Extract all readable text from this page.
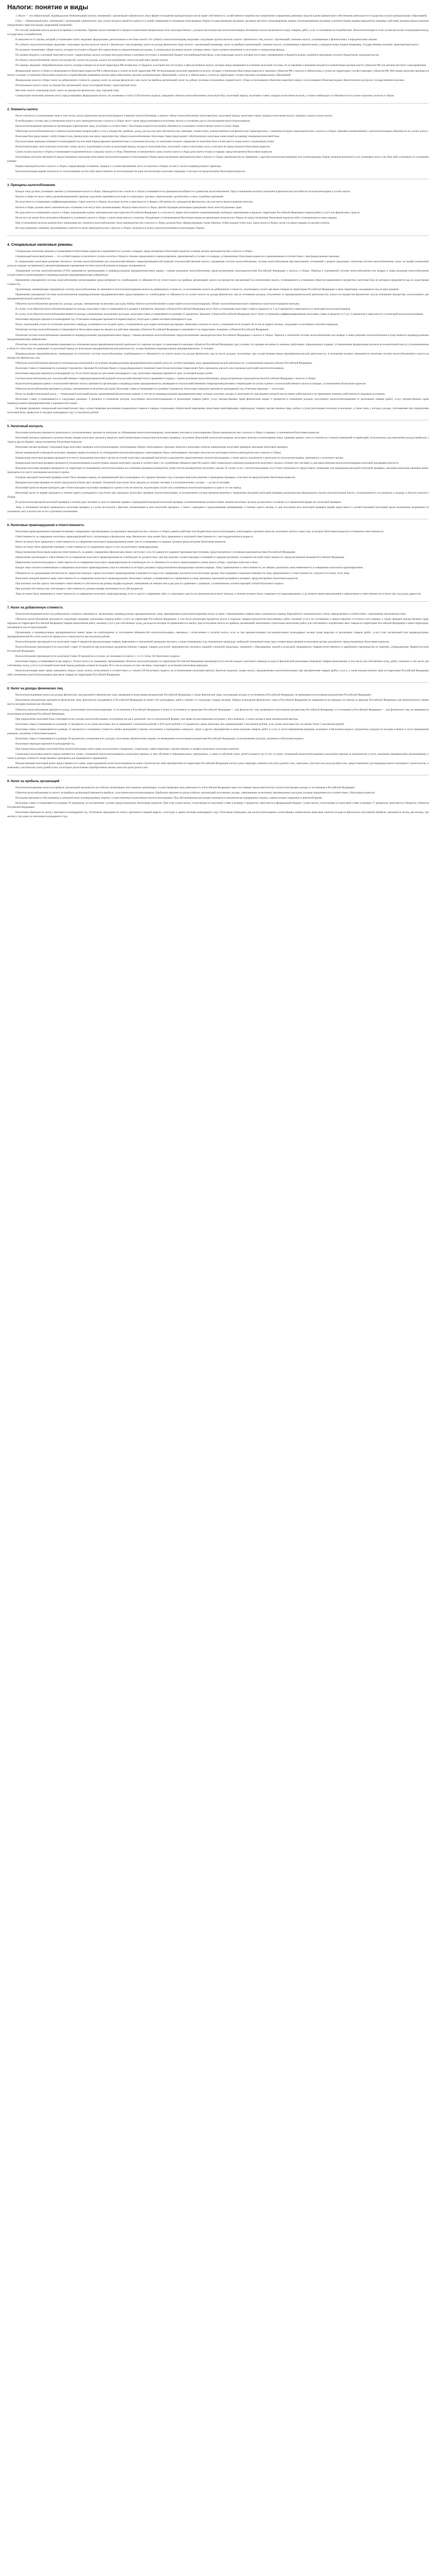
Налоги: понятие и виды

1. Налог — это обязательный, индивидуально безвозмездный платеж, взимаемый с организаций и физических лиц в форме отчуждения принадлежащих им на праве собственности, хозяйственного ведения или оперативного управления денежных средств в целях финансового обеспечения деятельности государства и (или) муниципальных образований.

Сбор — обязательный взнос, взимаемый с организаций и физических лиц, уплата которого является одним из условий совершения в отношении плательщиков сборов государственными органами, органами местного самоуправления, иными уполномоченными органами и должностными лицами юридически значимых действий, включая предоставление определенных прав или выдачу разрешений (лицензий).

По способу взимания налоги делятся на прямые и косвенные. Прямые налоги взимаются в процессе накопления материальных благ непосредственно с доходов или имущества налогоплательщика. Косвенные налоги включаются в цену товаров, работ, услуг и оплачиваются потребителем. Налогоплательщик в этом случае выступает посредником между государством и потребителем.

В зависимости от органа, который устанавливает налог, выделяют федеральные, региональные и местные налоги. По субъекту-налогоплательщику выделяют следующие группы налогов: налоги с физических лиц, налоги с организаций, смежные налоги, уплачиваемые и физическими, и юридическими лицами.

По субъекту-налогоплательщику выделяют следующие группы налогов: налоги с физических лиц (например, налог на доходы физических лиц); налоги с организаций (например, налог на прибыль организаций); смежные налоги, уплачиваемые и физическими, и юридическими лицами (например, государственная пошлина, транспортный налог).

По целевому назначению: общие налоги, которые поступают в бюджет без закрепления за определенными расходами, и специальные (целевые) налоги, которые имеют строго целевое назначение и поступают в специальные фонды.

По уровню бюджета, в который зачисляется налог: закрепленные налоги, которые непосредственно и целиком поступают в конкретный бюджет или внебюджетный фонд, и регулирующие налоги, которые поступают одновременно в бюджеты разных уровней в пропорции согласно бюджетному законодательству.

По объекту налогообложения: налоги на имущество, налоги на доходы, налоги на потребление, налоги на действия, прочие налоги.

По порядку введения: общеобязательные налоги, которые взимаются на всей территории РФ независимо от бюджета, в который они поступают, и факультативные налоги, которые предусматриваются основами налоговой системы, но их введение и взимание находятся в компетенции органов власти субъектов РФ или органов местного самоуправления.

Федеральные налоги и сборы устанавливаются Налоговым кодексом РФ и обязательны к уплате на всей территории РФ. Региональными налогами признаются налоги, которые установлены Налоговым кодексом и законами субъектов РФ о налогах и обязательны к уплате на территориях соответствующих субъектов РФ. Местными налогами признаются налоги, которые установлены Налоговым кодексом и нормативными правовыми актами представительных органов муниципальных образований о налогах и обязательны к уплате на территориях соответствующих муниципальных образований.

Федеральные налоги и сборы: налог на добавленную стоимость; акцизы; налог на доходы физических лиц; налог на прибыль организаций; налог на добычу полезных ископаемых; водный налог; сборы за пользование объектами животного мира и за пользование объектами водных биологических ресурсов; государственная пошлина.

Региональные налоги: налог на имущество организаций; налог на игорный бизнес; транспортный налог.

Местные налоги: земельный налог; налог на имущество физических лиц; торговый сбор.

Специальные налоговые режимы могут предусматривать федеральные налоги, не указанные в статье 13 Налогового кодекса, определять объекты налогообложения, налоговую базу, налоговый период, налоговые ставки, порядок исчисления налогов, а также освобождать от обязанности по уплате отдельных налогов и сборов.

2. Элементы налога

Налог считается установленным лишь в том случае, когда определены налогоплательщики и элементы налогообложения, а именно: объект налогообложения; налоговая база; налоговый период; налоговая ставка; порядок исчисления налога; порядок и сроки уплаты налога.

В необходимых случаях при установлении налога в акте законодательства о налогах и сборах могут также предусматриваться налоговые льготы и основания для их использования налогоплательщиком.

Налогоплательщиками признаются организации и физические лица, на которых в соответствии с Налоговым кодексом возложена обязанность уплачивать соответственно налоги и (или) сборы.

Объектами налогообложения могут являться реализация товаров (работ, услуг), имущество, прибыль, доход, расход или иное обстоятельство, имеющее стоимостную, количественную или физическую характеристику, с наличием которого законодательство о налогах и сборах связывает возникновение у налогоплательщика обязанности по уплате налога.

Налоговая база представляет собой стоимостную, физическую или иную характеристику объекта налогообложения. Налоговая ставка представляет собой величину налоговых начислений на единицу измерения налоговой базы.

Под налоговым периодом понимается календарный год или иной период времени применительно к отдельным налогам, по окончании которого определяется налоговая база и исчисляется сумма налога, подлежащая уплате.

Налогоплательщик самостоятельно исчисляет сумму налога, подлежащую уплате за налоговый период, исходя из налоговой базы, налоговой ставки и налоговых льгот, если иное не предусмотрено Налоговым кодексом.

Сроки уплаты налогов и сборов устанавливаются применительно к каждому налогу и сбору. Изменение установленного срока уплаты налога и сбора допускается только в порядке, предусмотренном Налоговым кодексом.

Налоговыми льготами признаются предоставляемые отдельным категориям налогоплательщиков и плательщиков сборов предусмотренные законодательством о налогах и сборах преимущества по сравнению с другими налогоплательщиками или плательщиками сборов, включая возможность не уплачивать налог или сбор либо уплачивать их в меньшем размере.

Нормы законодательства о налогах и сборах, определяющие основания, порядок и условия применения льгот по налогам и сборам, не могут носить индивидуального характера.

Налогоплательщик вправе отказаться от использования льготы либо приостановить ее использование на один или несколько налоговых периодов, если иное не предусмотрено Налоговым кодексом.

3. Принципы налогообложения

Каждое лицо должно уплачивать законно установленные налоги и сборы. Законодательство о налогах и сборах основывается на признании всеобщности и равенства налогообложения. При установлении налогов учитывается фактическая способность налогоплательщика к уплате налога.

Налоги и сборы не могут иметь дискриминационный характер и различно применяться исходя из социальных, расовых, национальных, религиозных и иных подобных критериев.

Не допускается устанавливать дифференцированные ставки налогов и сборов, налоговые льготы в зависимости от формы собственности, гражданства физических лиц или места происхождения капитала.

Налоги и сборы должны иметь экономическое основание и не могут быть произвольными. Недопустимы налоги и сборы, препятствующие реализации гражданами своих конституционных прав.

Не допускается устанавливать налоги и сборы, нарушающие единое экономическое пространство Российской Федерации и, в частности, прямо или косвенно ограничивающие свободное перемещение в пределах территории Российской Федерации товаров (работ, услуг) или финансовых средств.

Ни на кого не может быть возложена обязанность уплачивать налоги и сборы, а также иные взносы и платежи, обладающие установленными Налоговым кодексом признаками налогов или сборов, не предусмотренные Налоговым кодексом либо установленные в ином порядке.

При установлении налогов должны быть определены все элементы налогообложения. Акты законодательства о налогах и сборах должны быть сформулированы таким образом, чтобы каждый точно знал, какие налоги (сборы), когда и в каком порядке он должен платить.

Все неустранимые сомнения, противоречия и неясности актов законодательства о налогах и сборах толкуются в пользу налогоплательщика (плательщика сборов).

4. Специальные налоговые режимы

Специальные налоговые режимы устанавливаются Налоговым кодексом и применяются в случаях и порядке, предусмотренных Налоговым кодексом и иными актами законодательства о налогах и сборах.

Специальный налоговый режим — это особый порядок исчисления и уплаты налогов и сборов в течение определенного периода времени, применяемый в случаях и в порядке, установленных Налоговым кодексом и принимаемыми в соответствии с ним федеральными законами.

К специальным налоговым режимам относятся: система налогообложения для сельскохозяйственных товаропроизводителей (единый сельскохозяйственный налог); упрощенная система налогообложения; система налогообложения при выполнении соглашений о разделе продукции; патентная система налогообложения; налог на профессиональный доход (в порядке эксперимента); автоматизированная упрощенная система налогообложения (в порядке эксперимента).

Упрощенная система налогообложения (УСН) применяется организациями и индивидуальными предпринимателями наряду с иными режимами налогообложения, предусмотренными законодательством Российской Федерации о налогах и сборах. Переход к упрощенной системе налогообложения или возврат к иным режимам налогообложения осуществляется организациями и индивидуальными предпринимателями добровольно.

Применение упрощенной системы налогообложения организациями предусматривает их освобождение от обязанности по уплате налога на прибыль организаций, налога на имущество организаций (за исключением налога, уплачиваемого в отношении объектов недвижимого имущества, налоговая база по которым определяется как их кадастровая стоимость).

Организации, применяющие упрощенную систему налогообложения, не признаются налогоплательщиками налога на добавленную стоимость, за исключением налога на добавленную стоимость, подлежащего уплате при ввозе товаров на территорию Российской Федерации и иные территории, находящиеся под ее юрисдикцией.

Применение упрощенной системы налогообложения индивидуальными предпринимателями предусматривает их освобождение от обязанности по уплате налога на доходы физических лиц (в отношении доходов, полученных от предпринимательской деятельности), налога на имущество физических лиц (в отношении имущества, используемого для предпринимательской деятельности).

Объектом налогообложения признаются: доходы; доходы, уменьшенные на величину расходов. Выбор объекта налогообложения осуществляется налогоплательщиком. Объект налогообложения может изменяться налогоплательщиком ежегодно.

В случае, если объектом налогообложения являются доходы, налоговая ставка устанавливается в размере 6 процентов. Законами субъектов Российской Федерации могут быть установлены налоговые ставки в пределах от 1 до 6 процентов в зависимости от категорий налогоплательщиков.

В случае, если объектом налогообложения являются доходы, уменьшенные на величину расходов, налоговая ставка устанавливается в размере 15 процентов. Законами субъектов Российской Федерации могут быть установлены дифференцированные налоговые ставки в пределах от 5 до 15 процентов в зависимости от категорий налогоплательщиков.

Налоговым периодом признается календарный год. Отчетными периодами признаются первый квартал, полугодие и девять месяцев календарного года.

Налог, подлежащий уплате по истечении налогового периода, уплачивается не позднее срока, установленного для подачи налоговой декларации. Авансовые платежи по налогу уплачиваются не позднее 28-го числа первого месяца, следующего за истекшим отчетным периодом.

Патентная система налогообложения устанавливается Налоговым кодексом, вводится в действие законами субъектов Российской Федерации и применяется на территориях указанных субъектов Российской Федерации.

Патентная система налогообложения применяется индивидуальными предпринимателями наряду с иными режимами налогообложения, предусмотренными законодательством Российской Федерации о налогах и сборах. Переход к патентной системе налогообложения или возврат к иным режимам налогообложения осуществляется индивидуальными предпринимателями добровольно.

Патентная система налогообложения применяется в отношении видов предпринимательской деятельности, перечень которых устанавливается законами субъектов Российской Федерации, при условии, что средняя численность наемных работников, определяемая в порядке, установленном федеральным органом исполнительной власти, уполномоченным в области статистики, не превышает за налоговый период по всем видам предпринимательской деятельности, осуществляемым индивидуальным предпринимателем, 15 человек.

Индивидуальные предприниматели, перешедшие на патентную систему налогообложения, освобождаются от обязанности по уплате налога на доходы физических лиц (в части доходов, полученных при осуществлении видов предпринимательской деятельности, в отношении которых применяется патентная система налогообложения) и налога на имущество физических лиц.

Объектом налогообложения признается потенциально возможный к получению индивидуальным предпринимателем годовой доход по соответствующему виду предпринимательской деятельности, установленный законом субъекта Российской Федерации.

Налоговая ставка устанавливается в размере 6 процентов. Законами Республики Крым и города федерального значения Севастополя налоговая ставка может быть уменьшена для всех или отдельных категорий налогоплательщиков.

Налоговым периодом признается календарный год. Если патент выдан на срок менее календарного года, налоговым периодом признается срок, на который выдан патент.

Система налогообложения для сельскохозяйственных товаропроизводителей (единый сельскохозяйственный налог) применяется наряду с иными режимами налогообложения, предусмотренными законодательством Российской Федерации о налогах и сборах.

Налогоплательщиками единого сельскохозяйственного налога признаются организации и индивидуальные предприниматели, являющиеся сельскохозяйственными товаропроизводителями и перешедшие на уплату единого сельскохозяйственного налога в порядке, установленном Налоговым кодексом.

Объектом налогообложения признаются доходы, уменьшенные на величину расходов. Налоговая ставка устанавливается в размере 6 процентов. Налоговым периодом признается календарный год, отчетным периодом — полугодие.

Налог на профессиональный доход — специальный налоговый режим, применяемый физическими лицами, в том числе индивидуальными предпринимателями, которые получают доходы от деятельности, при ведении которой они не имеют работодателя и не привлекают наемных работников по трудовым договорам.

Налоговые ставки устанавливаются в следующих размерах: 4 процента в отношении доходов, полученных налогоплательщиками от реализации товаров (работ, услуг, имущественных прав) физическим лицам; 6 процентов в отношении доходов, полученных налогоплательщиками от реализации товаров (работ, услуг, имущественных прав) индивидуальным предпринимателям и юридическим лицам.

Не вправе применять специальный налоговый режим лица, осуществляющие реализацию подакцизных товаров и товаров, подлежащих обязательной маркировке средствами идентификации, перепродажу товаров, имущественных прав, добычу и (или) реализацию полезных ископаемых, а также лица, у которых доходы, учитываемые при определении налоговой базы, превысили в текущем календарном году 2,4 миллиона рублей.

5. Налоговый контроль

Налоговым контролем признается деятельность уполномоченных органов по контролю за соблюдением налогоплательщиками, налоговыми агентами и плательщиками сборов законодательства о налогах и сборах в порядке, установленном Налоговым кодексом.

Налоговый контроль проводится должностными лицами налоговых органов в пределах своей компетенции посредством налоговых проверок, получения объяснений налогоплательщиков, налоговых агентов и плательщиков сбора, проверки данных учета и отчетности, осмотра помещений и территорий, используемых для извлечения дохода (прибыли), а также в других формах, предусмотренных Налоговым кодексом.

Налоговые органы проводят следующие виды налоговых проверок налогоплательщиков, плательщиков сборов, плательщиков страховых взносов и налоговых агентов: камеральные налоговые проверки; выездные налоговые проверки.

Целью камеральной и выездной налоговых проверок является контроль за соблюдением налогоплательщиком, плательщиком сбора, плательщиком страховых взносов или налоговым агентом законодательства о налогах и сборах.

Камеральная налоговая проверка проводится по месту нахождения налогового органа на основе налоговых деклараций (расчетов) и документов, представленных налогоплательщиком, а также других документов о деятельности налогоплательщика, имеющихся у налогового органа.

Камеральная налоговая проверка проводится уполномоченными должностными лицами налогового органа в соответствии с их служебными обязанностями без какого-либо специального решения руководителя налогового органа в течение трех месяцев со дня представления налогоплательщиком налоговой декларации (расчета).

Выездная налоговая проверка проводится на территории (в помещении) налогоплательщика на основании решения руководителя (заместителя руководителя) налогового органа. В случае, если у налогоплательщика отсутствует возможность предоставить помещение для проведения выездной налоговой проверки, выездная налоговая проверка может проводиться по месту нахождения налогового органа.

В рамках выездной налоговой проверки может быть проверен период, не превышающий трех календарных лет, предшествующих году, в котором вынесено решение о проведении проверки, если иное не предусмотрено Налоговым кодексом.

Выездная налоговая проверка не может продолжаться более двух месяцев. Указанный срок может быть продлен до четырех месяцев, а в исключительных случаях — до шести месяцев.

Налоговый орган не вправе проводить две и более выездные налоговые проверки по одним и тем же налогам, подлежащим уплате или уплаченным налогоплательщиком за один и тот же период.

Налоговый орган не вправе проводить в течение одного календарного года более двух выездных налоговых проверок налогоплательщика, за исключением случаев принятия решения о проведении выездной налоговой проверки руководителем федерального органа исполнительной власти, уполномоченного по контролю и надзору в области налогов и сборов.

По результатам выездной налоговой проверки в течение двух месяцев со дня составления справки о проведенной выездной налоговой проверке уполномоченными должностными лицами налоговых органов должен быть составлен в установленной форме акт налоговой проверки.

Лицо, в отношении которого проводилась налоговая проверка, в случае несогласия с фактами, изложенными в акте налоговой проверки, а также с выводами и предложениями проверяющих в течение одного месяца со дня получения акта налоговой проверки вправе представить в соответствующий налоговый орган письменные возражения по указанному акту в целом или по его отдельным положениям.

6. Налоговые правонарушения и ответственность

Налоговым правонарушением признается виновно совершенное противоправное (в нарушение законодательства о налогах и сборах) деяние (действие или бездействие) налогоплательщика, плательщика страховых взносов, налогового агента и иных лиц, за которое Налоговым кодексом установлена ответственность.

Ответственность за совершение налоговых правонарушений несут организации и физические лица. Физическое лицо может быть привлечено к налоговой ответственности с шестнадцатилетнего возраста.

Никто не может быть привлечен к ответственности за совершение налогового правонарушения иначе, как по основаниям и в порядке, которые предусмотрены Налоговым кодексом.

Никто не может быть привлечен повторно к ответственности за совершение одного и того же налогового правонарушения.

Предусмотренная Налоговым кодексом ответственность за деяние, совершенное физическим лицом, наступает, если это деяние не содержит признаков преступления, предусмотренного уголовным законодательством Российской Федерации.

Привлечение организации к ответственности за совершение налогового правонарушения не освобождает ее должностных лиц при наличии соответствующих оснований от административной, уголовной или иной ответственности, предусмотренной законами Российской Федерации.

Привлечение налогоплательщика к ответственности за совершение налогового правонарушения не освобождает его от обязанности уплатить причитающиеся суммы налога (сбора, страховых взносов) и пени.

Каждое лицо считается невиновным в совершении налогового правонарушения, пока его виновность не будет доказана в предусмотренном федеральным законом порядке. Лицо, привлекаемое к ответственности, не обязано доказывать свою невиновность в совершении налогового правонарушения.

Обязанность по доказыванию обстоятельств, свидетельствующих о факте налогового правонарушения и виновности лица в его совершении, возлагается на налоговые органы. Неустранимые сомнения в виновности лица, привлекаемого к ответственности, толкуются в пользу этого лица.

Налоговой санкцией является мера ответственности за совершение налогового правонарушения. Налоговые санкции устанавливаются и применяются в виде денежных взысканий (штрафов) в размерах, предусмотренных Налоговым кодексом.

При наличии хотя бы одного смягчающего ответственность обстоятельства размер штрафа подлежит уменьшению не меньше чем в два раза по сравнению с размером, установленным соответствующей статьей Налогового кодекса.

При наличии обстоятельства, отягчающего ответственность, размер штрафа увеличивается на 100 процентов.

Лицо не может быть привлечено к ответственности за совершение налогового правонарушения, если со дня его совершения либо со следующего дня после окончания налогового периода, в течение которого было совершено это правонарушение, и до момента вынесения решения о привлечении к ответственности истекли три года (срок давности).

7. Налог на добавленную стоимость

Налогоплательщиками налога на добавленную стоимость признаются: организации; индивидуальные предприниматели; лица, признаваемые налогоплательщиками налога в связи с перемещением товаров через таможенную границу Евразийского экономического союза, определяемые в соответствии с таможенным законодательством.

Объектом налогообложения признаются следующие операции: реализация товаров (работ, услуг) на территории Российской Федерации, в том числе реализация предметов залога и передача товаров (результатов выполненных работ, оказание услуг) по соглашению о предоставлении отступного или новации, а также передача имущественных прав; передача на территории Российской Федерации товаров (выполнение работ, оказание услуг) для собственных нужд, расходы на которые не принимаются к вычету при исчислении налога на прибыль организаций; выполнение строительно-монтажных работ для собственного потребления; ввоз товаров на территорию Российской Федерации и иные территории, находящиеся под ее юрисдикцией.

Организации и индивидуальные предприниматели имеют право на освобождение от исполнения обязанностей налогоплательщика, связанных с исчислением и уплатой налога, если за три предшествующих последовательных календарных месяца сумма выручки от реализации товаров (работ, услуг) этих организаций или индивидуальных предпринимателей без учета налога не превысила в совокупности два миллиона рублей.

Налогообложение производится по налоговой ставке 0 процентов при реализации товаров, вывезенных в таможенной процедуре экспорта, а также помещенных под таможенную процедуру свободной таможенной зоны, при условии представления в налоговые органы документов, предусмотренных Налоговым кодексом.

Налогообложение производится по налоговой ставке 10 процентов при реализации продовольственных товаров, товаров для детей, периодических печатных изданий и книжной продукции, связанной с образованием, наукой и культурой, медицинских товаров отечественного и зарубежного производства по перечню, утверждаемому Правительством Российской Федерации.

Налогообложение производится по налоговой ставке 20 процентов в случаях, не указанных в пунктах 1, 2 и 4 статьи 164 Налогового кодекса.

Налоговый период устанавливается как квартал. Уплата налога по операциям, признаваемым объектом налогообложения, на территории Российской Федерации производится по итогам каждого налогового периода исходя из фактической реализации (передачи) товаров (выполнения, в том числе для собственных нужд, работ, оказания, в том числе для собственных нужд, услуг) за истекший налоговый период равными долями не позднее 28-го числа каждого из трех месяцев, следующего за истекшим налоговым периодом.

Налогоплательщик имеет право уменьшить общую сумму налога, исчисленную в соответствии со статьей 166 Налогового кодекса, на установленные налоговые вычеты. Вычетам подлежат суммы налога, предъявленные налогоплательщику при приобретении товаров (работ, услуг), а также имущественных прав на территории Российской Федерации либо уплаченные налогоплательщиком при ввозе товаров на территорию Российской Федерации.

8. Налог на доходы физических лиц

Налогоплательщиками налога на доходы физических лиц признаются физические лица, являющиеся налоговыми резидентами Российской Федерации, а также физические лица, получающие доходы от источников в Российской Федерации, не являющиеся налоговыми резидентами Российской Федерации.

Налоговыми резидентами признаются физические лица, фактически находящиеся в Российской Федерации не менее 183 календарных дней в течение 12 следующих подряд месяцев. Период нахождения физического лица в Российской Федерации не прерывается на периоды его выезда за пределы Российской Федерации для краткосрочного (менее шести месяцев) лечения или обучения.

Объектом налогообложения признается доход, полученный налогоплательщиками: от источников в Российской Федерации и (или) от источников за пределами Российской Федерации — для физических лиц, являющихся налоговыми резидентами Российской Федерации; от источников в Российской Федерации — для физических лиц, не являющихся налоговыми резидентами Российской Федерации.

При определении налоговой базы учитываются все доходы налогоплательщика, полученные им как в денежной, так и в натуральной формах, или право на распоряжение которыми у него возникло, а также доходы в виде материальной выгоды.

Налоговая ставка устанавливается в размере 13 процентов, если сумма налоговых баз не превышает 5 миллионов рублей, и 650 тысяч рублей и 15 процентов суммы налоговых баз, превышающей 5 миллионов рублей, если сумма налоговых баз составляет более 5 миллионов рублей.

Налоговая ставка устанавливается в размере 35 процентов в отношении стоимости любых выигрышей и призов, получаемых в проводимых конкурсах, играх и других мероприятиях в целях рекламы товаров, работ и услуг, в части превышения размеров, указанных в Налоговом кодексе; процентных доходов по вкладам в банках в части превышения размеров, указанных в Налоговом кодексе.

Налоговая ставка устанавливается в размере 30 процентов в отношении всех доходов, получаемых физическими лицами, не являющимися налоговыми резидентами Российской Федерации, за исключением доходов, указанных в Налоговом кодексе.

Налоговым периодом признается календарный год.

При определении размера налоговой базы налогоплательщик имеет право на получение стандартных, социальных, инвестиционных, имущественных и профессиональных налоговых вычетов.

Социальные налоговые вычеты предоставляются в сумме, уплаченной налогоплательщиком в налоговом периоде за свое обучение в образовательных учреждениях, а также за обучение своих детей в возрасте до 24 лет; в сумме, уплаченной налогоплательщиком в налоговом периоде за медицинские услуги, оказанные медицинскими организациями, а также в размере стоимости лекарственных препаратов для медицинского применения.

Имущественный налоговый вычет предоставляется в сумме, израсходованной налогоплательщиком на новое строительство либо приобретение на территории Российской Федерации жилого дома, квартиры, комнаты или доли (долей) в них, земельных участков или доли (долей) в них, предоставленных для индивидуального жилищного строительства, и земельных участков или доли (долей) в них, на которых расположены приобретаемые жилые дома или доля (доли) в них.

9. Налог на прибыль организаций

Налогоплательщиками налога на прибыль организаций признаются: российские организации; иностранные организации, осуществляющие свою деятельность в Российской Федерации через постоянные представительства и (или) получающие доходы от источников в Российской Федерации.

Объектом налогообложения по налогу на прибыль организаций признается прибыль, полученная налогоплательщиком. Прибылью признается для российских организаций полученные доходы, уменьшенные на величину произведенных расходов, которые определяются в соответствии с Налоговым кодексом.

Расходами признаются обоснованные и документально подтвержденные затраты, осуществленные (понесенные) налогоплательщиком. Под обоснованными расходами понимаются экономически оправданные затраты, оценка которых выражена в денежной форме.

Налоговая ставка устанавливается в размере 20 процентов, за исключением случаев, предусмотренных Налоговым кодексом. При этом сумма налога, исчисленная по налоговой ставке в размере 3 процентов, зачисляется в федеральный бюджет; сумма налога, исчисленная по налоговой ставке в размере 17 процентов, зачисляется в бюджеты субъектов Российской Федерации.

Налоговым периодом по налогу признается календарный год. Отчетными периодами по налогу признаются первый квартал, полугодие и девять месяцев календарного года. Отчетными периодами для налогоплательщиков, исчисляющих ежемесячные авансовые платежи исходя из фактически полученной прибыли, признаются месяц, два месяца, три месяца и так далее до окончания календарного года.
